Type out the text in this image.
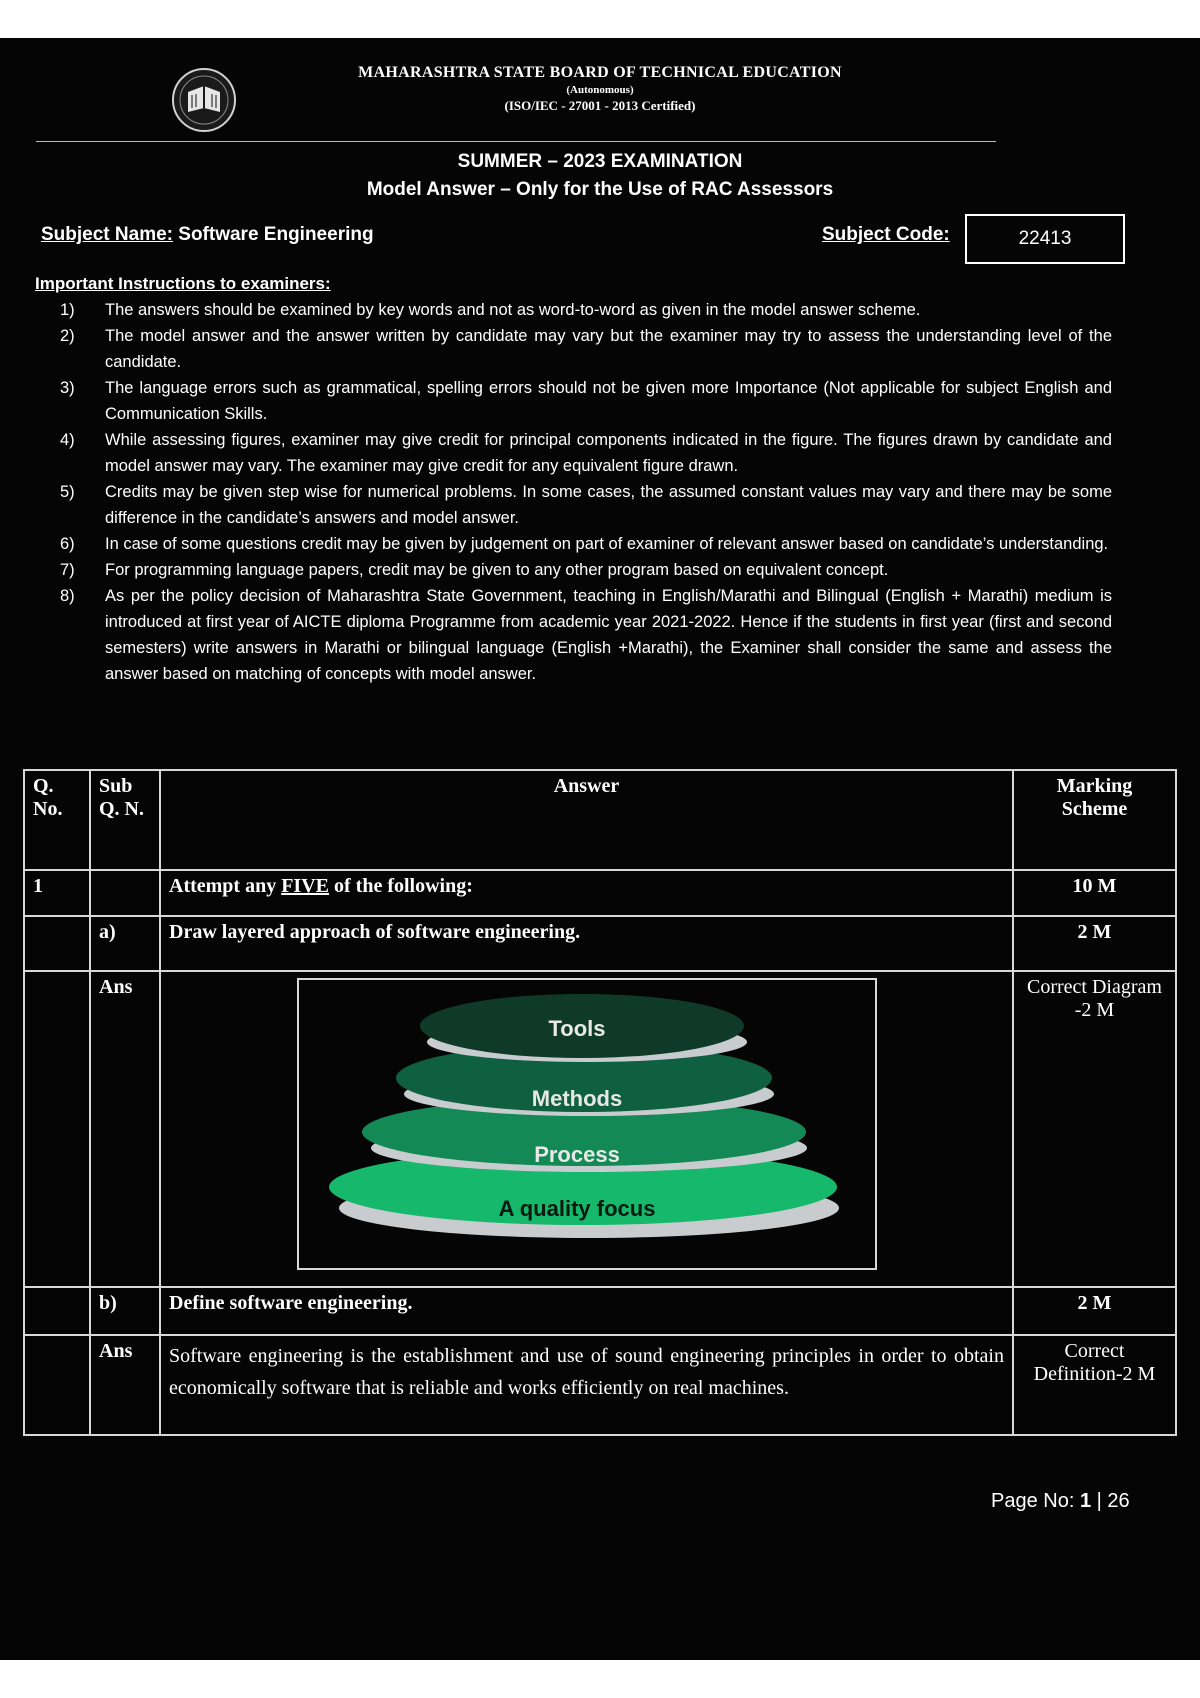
MAHARASHTRA STATE BOARD OF TECHNICAL EDUCATION
(Autonomous)
(ISO/IEC - 27001 - 2013 Certified)
SUMMER – 2023 EXAMINATION
Model Answer – Only for the Use of RAC Assessors
Subject Name: Software Engineering	Subject Code:	22413
Important Instructions to examiners:
1)	The answers should be examined by key words and not as word-to-word as given in the model answer scheme.
2)	The model answer and the answer written by candidate may vary but the examiner may try to assess the understanding level of the candidate.
3)	The language errors such as grammatical, spelling errors should not be given more Importance (Not applicable for subject English and Communication Skills.
4)	While assessing figures, examiner may give credit for principal components indicated in the figure. The figures drawn by candidate and model answer may vary. The examiner may give credit for any equivalent figure drawn.
5)	Credits may be given step wise for numerical problems. In some cases, the assumed constant values may vary and there may be some difference in the candidate’s answers and model answer.
6)	In case of some questions credit may be given by judgement on part of examiner of relevant answer based on candidate’s understanding.
7)	For programming language papers, credit may be given to any other program based on equivalent concept.
8)	As per the policy decision of Maharashtra State Government, teaching in English/Marathi and Bilingual (English + Marathi) medium is introduced at first year of AICTE diploma Programme from academic year 2021-2022. Hence if the students in first year (first and second semesters) write answers in Marathi or bilingual language (English +Marathi), the Examiner shall consider the same and assess the answer based on matching of concepts with model answer.
Q. No.	Sub Q. N.	Answer	Marking Scheme
1		Attempt any FIVE of the following:	10 M
	a)	Draw layered approach of software engineering.	2 M
	Ans	Tools
Methods
Process
A quality focus	Correct Diagram -2 M
	b)	Define software engineering.	2 M
	Ans	Software engineering is the establishment and use of sound engineering principles in order to obtain economically software that is reliable and works efficiently on real machines.	Correct Definition-2 M
Page No: 1 | 26
